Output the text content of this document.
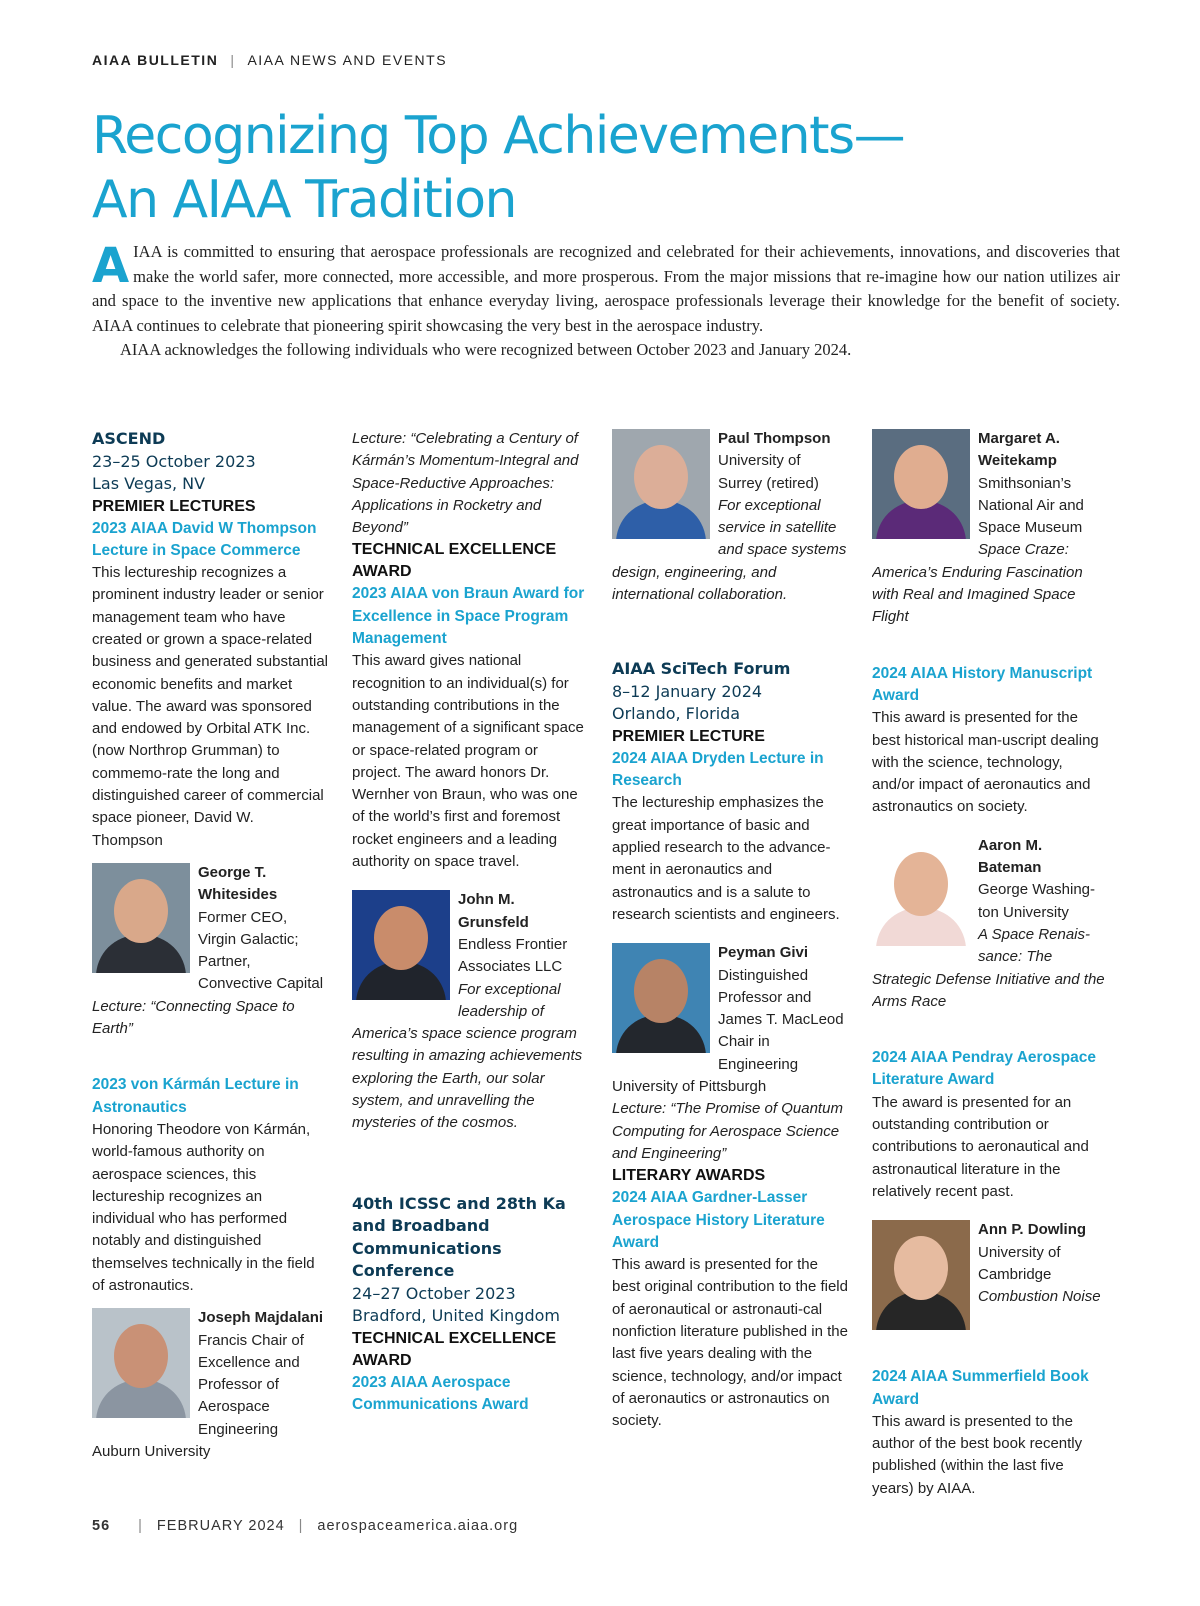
AIAA BULLETIN | AIAA NEWS AND EVENTS
Recognizing Top Achievements—
An AIAA Tradition

AIAA is committed to ensuring that aerospace professionals are recognized and celebrated for their achievements, innovations, and discoveries that make the world safer, more connected, more accessible, and more prosperous. From the major missions that re-imagine how our nation utilizes air and space to the inventive new applications that enhance everyday living, aerospace professionals leverage their knowledge for the benefit of society. AIAA continues to celebrate that pioneering spirit showcasing the very best in the aerospace industry.

AIAA acknowledges the following individuals who were recognized between October 2023 and January 2024.

ASCEND
23–25 October 2023
Las Vegas, NV

PREMIER LECTURES

2023 AIAA David W Thompson Lecture in Space Commerce

This lectureship recognizes a prominent industry leader or senior management team who have created or grown a space-related business and generated substantial economic benefits and market value. The award was sponsored and endowed by Orbital ATK Inc. (now Northrop Grumman) to commemo-rate the long and distinguished career of commercial space pioneer, David W. Thompson

George T. Whitesides

Former CEO, Virgin Galactic; Partner, Convective Capital

Lecture: “Connecting Space to Earth”

2023 von Kármán Lecture in Astronautics

Honoring Theodore von Kármán, world-famous authority on aerospace sciences, this lectureship recognizes an individual who has performed notably and distinguished themselves technically in the field of astronautics.

Joseph Majdalani

Francis Chair of Excellence and Professor of Aerospace Engineering Auburn University

Lecture: “Celebrating a Century of Kármán’s Momentum-Integral and Space-Reductive Approaches: Applications in Rocketry and Beyond”

TECHNICAL EXCELLENCE AWARD

2023 AIAA von Braun Award for Excellence in Space Program Management

This award gives national recognition to an individual(s) for outstanding contributions in the management of a significant space or space-related program or project. The award honors Dr. Wernher von Braun, who was one of the world’s first and foremost rocket engineers and a leading authority on space travel.

John M. Grunsfeld

Endless Frontier Associates LLC

For exceptional leadership of America’s space science program resulting in amazing achievements exploring the Earth, our solar system, and unravelling the mysteries of the cosmos.

40th ICSSC and 28th Ka and Broadband Communications Conference
24–27 October 2023
Bradford, United Kingdom

TECHNICAL EXCELLENCE AWARD

2023 AIAA Aerospace Communications Award

Paul Thompson

University of Surrey (retired)

For exceptional service in satellite and space systems design, engineering, and international collaboration.

AIAA SciTech Forum
8–12 January 2024
Orlando, Florida

PREMIER LECTURE

2024 AIAA Dryden Lecture in Research

The lectureship emphasizes the great importance of basic and applied research to the advance-ment in aeronautics and astronautics and is a salute to research scientists and engineers.

Peyman Givi

Distinguished Professor and James T. MacLeod Chair in Engineering University of Pittsburgh

Lecture: “The Promise of Quantum Computing for Aerospace Science and Engineering”

LITERARY AWARDS

2024 AIAA Gardner-Lasser Aerospace History Literature Award

This award is presented for the best original contribution to the field of aeronautical or astronauti-cal nonfiction literature published in the last five years dealing with the science, technology, and/or impact of aeronautics or astronautics on society.

Margaret A. Weitekamp

Smithsonian’s National Air and Space Museum

Space Craze: America’s Enduring Fascination with Real and Imagined Space Flight

2024 AIAA History Manuscript Award

This award is presented for the best historical man-uscript dealing with the science, technology, and/or impact of aeronautics and astronautics on society.

Aaron M. Bateman

George Washing-ton University

A Space Renais-sance: The Strategic Defense Initiative and the Arms Race

2024 AIAA Pendray Aerospace Literature Award

The award is presented for an outstanding contribution or contributions to aeronautical and astronautical literature in the relatively recent past.

Ann P. Dowling

University of Cambridge

Combustion Noise

2024 AIAA Summerfield Book Award

This award is presented to the author of the best book recently published (within the last five years) by AIAA.

56 | FEBRUARY 2024 | aerospaceamerica.aiaa.org
